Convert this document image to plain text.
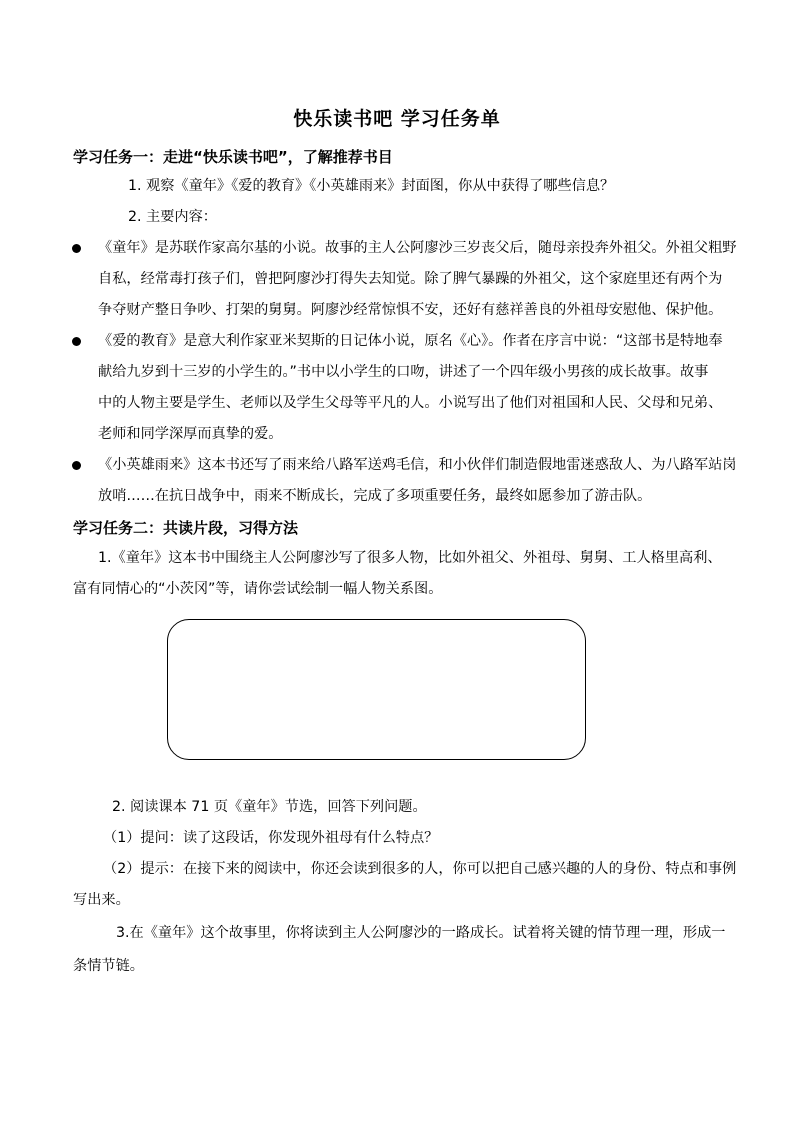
快乐读书吧 学习任务单
学习任务一：走进“快乐读书吧”，了解推荐书目
1. 观察《童年》《爱的教育》《小英雄雨来》封面图，你从中获得了哪些信息？
2. 主要内容：
《童年》是苏联作家高尔基的小说。故事的主人公阿廖沙三岁丧父后，随母亲投奔外祖父。外祖父粗野
自私，经常毒打孩子们，曾把阿廖沙打得失去知觉。除了脾气暴躁的外祖父，这个家庭里还有两个为
争夺财产整日争吵、打架的舅舅。阿廖沙经常惊惧不安，还好有慈祥善良的外祖母安慰他、保护他。
《爱的教育》是意大利作家亚米契斯的日记体小说，原名《心》。作者在序言中说：“这部书是特地奉
献给九岁到十三岁的小学生的。”书中以小学生的口吻，讲述了一个四年级小男孩的成长故事。故事
中的人物主要是学生、老师以及学生父母等平凡的人。小说写出了他们对祖国和人民、父母和兄弟、
老师和同学深厚而真挚的爱。
《小英雄雨来》这本书还写了雨来给八路军送鸡毛信，和小伙伴们制造假地雷迷惑敌人、为八路军站岗
放哨……在抗日战争中，雨来不断成长，完成了多项重要任务，最终如愿参加了游击队。
学习任务二：共读片段，习得方法
1.《童年》这本书中围绕主人公阿廖沙写了很多人物，比如外祖父、外祖母、舅舅、工人格里高利、
富有同情心的“小茨冈”等，请你尝试绘制一幅人物关系图。
2. 阅读课本 71 页《童年》节选，回答下列问题。
（1）提问：读了这段话，你发现外祖母有什么特点？
（2）提示：在接下来的阅读中，你还会读到很多的人，你可以把自己感兴趣的人的身份、特点和事例
写出来。
3.在《童年》这个故事里，你将读到主人公阿廖沙的一路成长。试着将关键的情节理一理，形成一
条情节链。
